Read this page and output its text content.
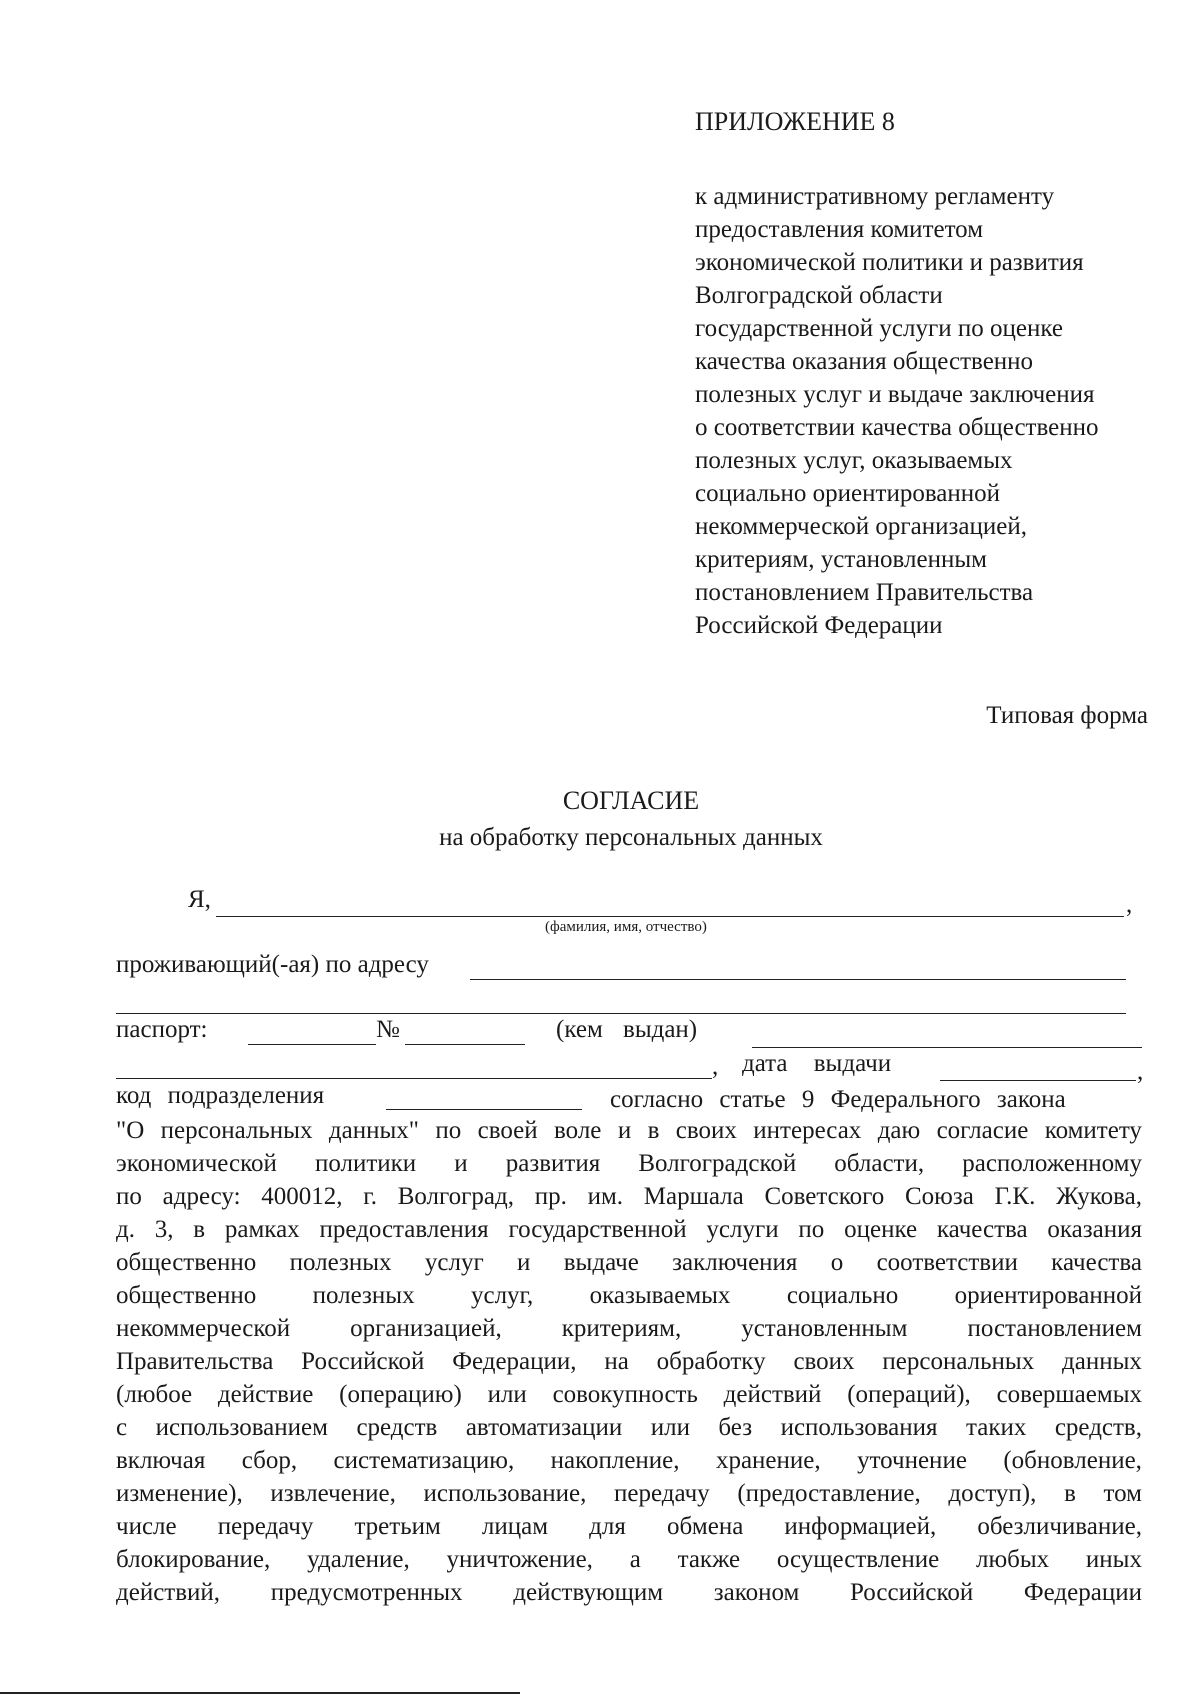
ПРИЛОЖЕНИЕ 8
к административному регламенту
предоставления комитетом
экономической политики и развития
Волгоградской области
государственной услуги по оценке
качества оказания общественно
полезных услуг и выдаче заключения
о соответствии качества общественно
полезных услуг, оказываемых
социально ориентированной
некоммерческой организацией,
критериям, установленным
постановлением Правительства
Российской Федерации
Типовая форма
СОГЛАСИЕ
на обработку персональных данных
Я,	,
(фамилия, имя, отчество)
проживающий(-ая) по адресу
паспорт:	№	(кем выдан)
, дата выдачи	,
код подразделения	согласно статье 9 Федерального закона
"О персональных данных" по своей воле и в своих интересах даю согласие комитету
экономической политики и развития Волгоградской области, расположенному
по адресу: 400012, г. Волгоград, пр. им. Маршала Советского Союза Г.К. Жукова,
д. 3, в рамках предоставления государственной услуги по оценке качества оказания
общественно полезных услуг и выдаче заключения о соответствии качества
общественно полезных услуг, оказываемых социально ориентированной
некоммерческой организацией, критериям, установленным постановлением
Правительства Российской Федерации, на обработку своих персональных данных
(любое действие (операцию) или совокупность действий (операций), совершаемых
с использованием средств автоматизации или без использования таких средств,
включая сбор, систематизацию, накопление, хранение, уточнение (обновление,
изменение), извлечение, использование, передачу (предоставление, доступ), в том
числе передачу третьим лицам для обмена информацией, обезличивание,
блокирование, удаление, уничтожение, а также осуществление любых иных
действий, предусмотренных действующим законом Российской Федерации
